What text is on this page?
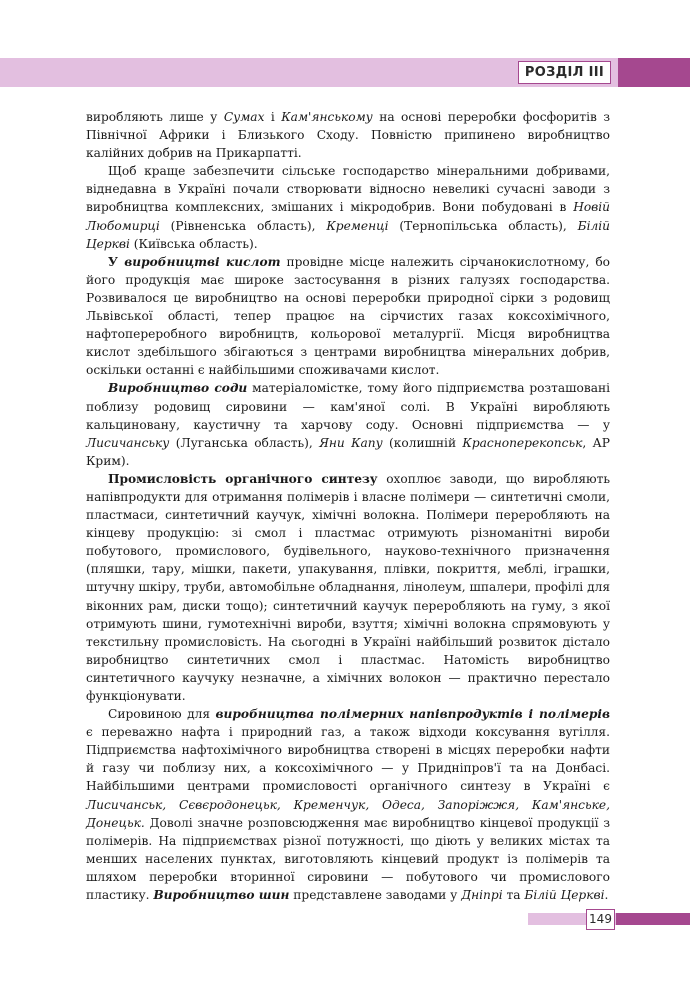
РОЗДІЛ III

виробляють лише у Сумах і Кам'янському на основі переробки фосфоритів з Північної Африки і Близького Сходу. Повністю припинено виробництво калійних добрив на Прикарпатті.

Щоб краще забезпечити сільське господарство мінеральними добривами, віднедавна в Україні почали створювати відносно невеликі сучасні заводи з виробництва комплексних, змішаних і мікродобрив. Вони побудовані в Новій Любомирці (Рівненська область), Кременці (Тернопільська область), Білій Церкві (Київська область).

У виробництві кислот провідне місце належить сірчанокислотному, бо його продукція має широке застосування в різних галузях господарства. Розвивалося це виробництво на основі переробки природної сірки з родовищ Львівської області, тепер працює на сірчистих газах коксохімічного, нафтопереробного виробництв, кольорової металургії. Місця виробництва кислот здебільшого збігаються з центрами виробництва мінеральних добрив, оскільки останні є найбільшими споживачами кислот.

Виробництво соди матеріаломістке, тому його підприємства розташовані поблизу родовищ сировини — кам'яної солі. В Україні виробляють кальциновану, каустичну та харчову соду. Основні підприємства — у Лисичанську (Луганська область), Яни Капу (колишній Красноперекопськ, АР Крим).

Промисловість органічного синтезу охоплює заводи, що виробляють напівпродукти для отримання полімерів і власне полімери — синтетичні смоли, пластмаси, синтетичний каучук, хімічні волокна. Полімери переробляють на кінцеву продукцію: зі смол і пластмас отримують різноманітні вироби побутового, промислового, будівельного, науково-технічного призначення (пляшки, тару, мішки, пакети, упакування, плівки, покриття, меблі, іграшки, штучну шкіру, труби, автомобільне обладнання, лінолеум, шпалери, профілі для віконних рам, диски тощо); синтетичний каучук переробляють на гуму, з якої отримують шини, гумотехнічні вироби, взуття; хімічні волокна спрямовують у текстильну промисловість. На сьогодні в Україні найбільший розвиток дістало виробництво синтетичних смол і пластмас. Натомість виробництво синтетичного каучуку незначне, а хімічних волокон — практично перестало функціонувати.

Сировиною для виробництва полімерних напівпродуктів і полімерів є переважно нафта і природний газ, а також відходи коксування вугілля. Підприємства нафтохімічного виробництва створені в місцях переробки нафти й газу чи поблизу них, а коксохімічного — у Придніпров'ї та на Донбасі. Найбільшими центрами промисловості органічного синтезу в Україні є Лисичанськ, Сєвєродонецьк, Кременчук, Одеса, Запоріжжя, Кам'янське, Донецьк. Доволі значне розповсюдження має виробництво кінцевої продукції з полімерів. На підприємствах різної потужності, що діють у великих містах та менших населених пунктах, виготовляють кінцевий продукт із полімерів та шляхом переробки вторинної сировини — побутового чи промислового пластику. Виробництво шин представлене заводами у Дніпрі та Білій Церкві.

149
